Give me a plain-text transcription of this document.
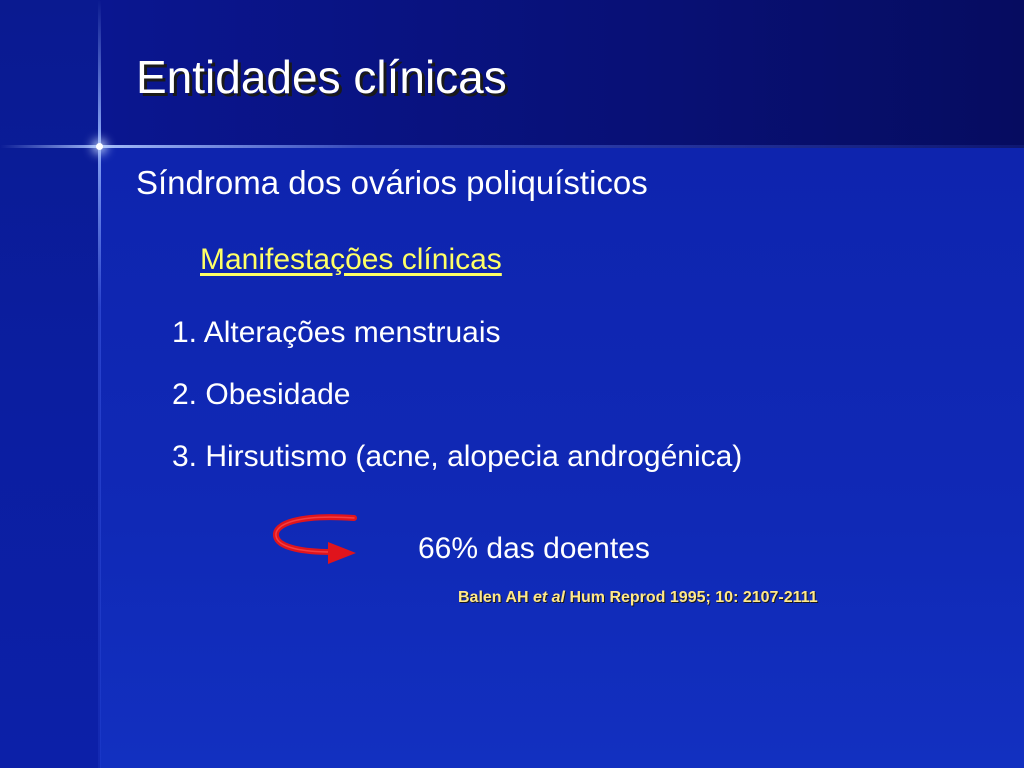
Entidades clínicas
Síndroma dos ovários poliquísticos
Manifestações clínicas
1. Alterações menstruais
2. Obesidade
3. Hirsutismo (acne, alopecia androgénica)
66% das doentes
Balen AH et al Hum Reprod 1995; 10: 2107-2111
